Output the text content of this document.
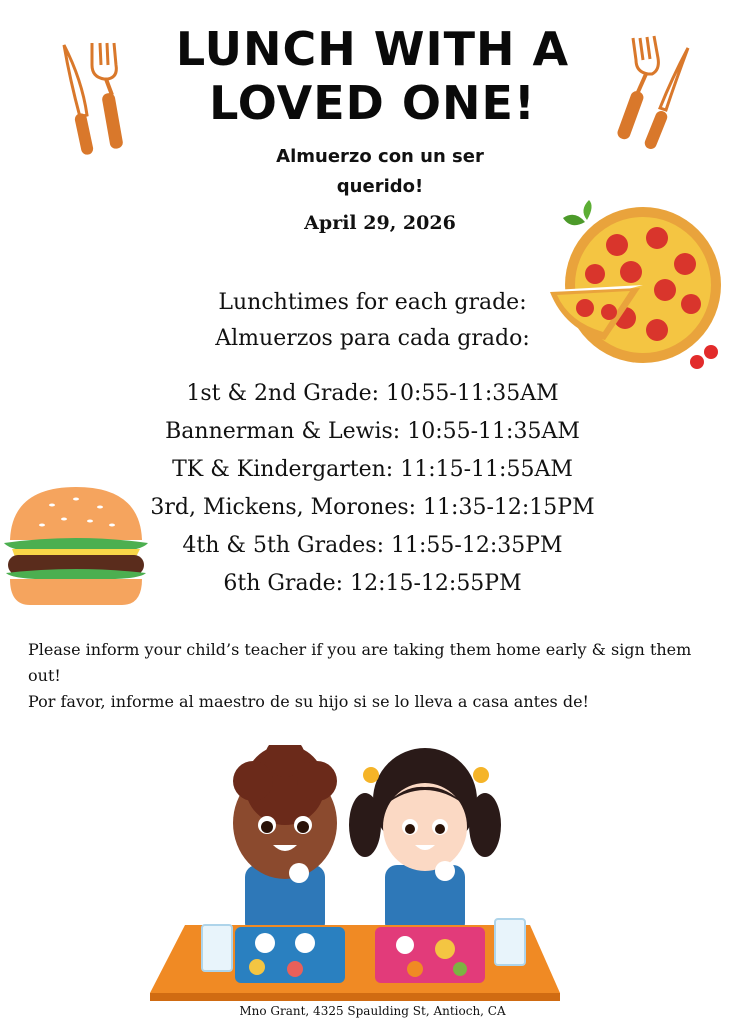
LUNCH WITH A
LOVED ONE!
Almuerzo con un ser
querido!
April 29, 2026
Lunchtimes for each grade:
Almuerzos para cada grado:
1st & 2nd Grade: 10:55-11:35AM
Bannerman & Lewis: 10:55-11:35AM
TK & Kindergarten: 11:15-11:55AM
3rd, Mickens, Morones: 11:35-12:15PM
4th & 5th Grades: 11:55-12:35PM
6th Grade: 12:15-12:55PM
Please inform your child’s teacher if you are taking them home early & sign them out!
Por favor, informe al maestro de su hijo si se lo lleva a casa antes de!
Mno Grant, 4325 Spaulding St, Antioch, CA
